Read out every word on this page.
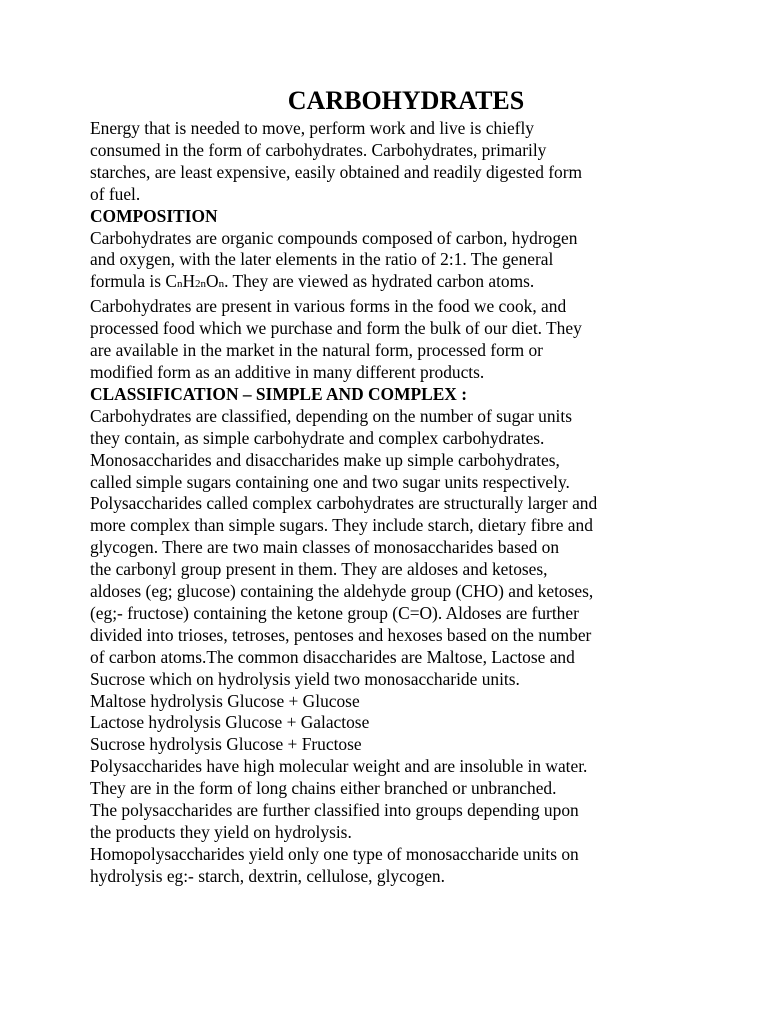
CARBOHYDRATES
Energy that is needed to move, perform work and live is chiefly
consumed in the form of carbohydrates. Carbohydrates, primarily
starches, are least expensive, easily obtained and readily digested form
of fuel.
COMPOSITION
Carbohydrates are organic compounds composed of carbon, hydrogen
and oxygen, with the later elements in the ratio of 2:1. The general
formula is CnH2nOn. They are viewed as hydrated carbon atoms.
Carbohydrates are present in various forms in the food we cook, and
processed food which we purchase and form the bulk of our diet. They
are available in the market in the natural form, processed form or
modified form as an additive in many different products.
CLASSIFICATION – SIMPLE AND COMPLEX :
Carbohydrates are classified, depending on the number of sugar units
they contain, as simple carbohydrate and complex carbohydrates.
Monosaccharides and disaccharides make up simple carbohydrates,
called simple sugars containing one and two sugar units respectively.
Polysaccharides called complex carbohydrates are structurally larger and
more complex than simple sugars. They include starch, dietary fibre and
glycogen. There are two main classes of monosaccharides based on
the carbonyl group present in them. They are aldoses and ketoses,
aldoses (eg; glucose) containing the aldehyde group (CHO) and ketoses,
(eg;- fructose) containing the ketone group (C=O). Aldoses are further
divided into trioses, tetroses, pentoses and hexoses based on the number
of carbon atoms.The common disaccharides are Maltose, Lactose and
Sucrose which on hydrolysis yield two monosaccharide units.
Maltose hydrolysis Glucose + Glucose
Lactose hydrolysis Glucose + Galactose
Sucrose hydrolysis Glucose + Fructose
Polysaccharides have high molecular weight and are insoluble in water.
They are in the form of long chains either branched or unbranched.
The polysaccharides are further classified into groups depending upon
the products they yield on hydrolysis.
Homopolysaccharides yield only one type of monosaccharide units on
hydrolysis eg:- starch, dextrin, cellulose, glycogen.
